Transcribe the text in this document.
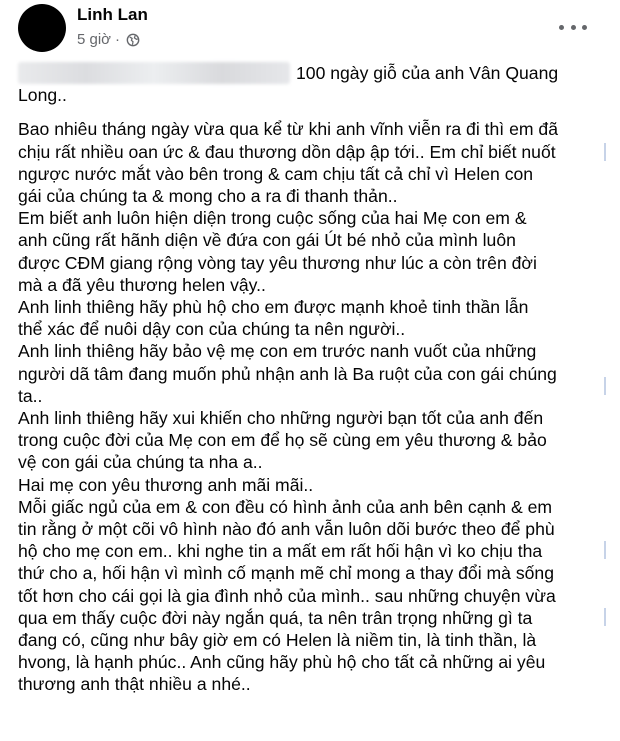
Linh Lan
5 giờ ·
100 ngày giỗ của anh Vân Quang
Long..
Bao nhiêu tháng ngày vừa qua kể từ khi anh vĩnh viễn ra đi thì em đã
chịu rất nhiều oan ức & đau thương dồn dập ập tới.. Em chỉ biết nuốt
ngược nước mắt vào bên trong & cam chịu tất cả chỉ vì Helen con
gái của chúng ta & mong cho a ra đi thanh thản..
Em biết anh luôn hiện diện trong cuộc sống của hai Mẹ con em &
anh cũng rất hãnh diện về đứa con gái Út bé nhỏ của mình luôn
được CĐM giang rộng vòng tay yêu thương như lúc a còn trên đời
mà a đã yêu thương helen vậy..
Anh linh thiêng hãy phù hộ cho em được mạnh khoẻ tinh thần lẫn
thể xác để nuôi dậy con của chúng ta nên người..
Anh linh thiêng hãy bảo vệ mẹ con em trước nanh vuốt của những
người dã tâm đang muốn phủ nhận anh là Ba ruột của con gái chúng
ta..
Anh linh thiêng hãy xui khiến cho những người bạn tốt của anh đến
trong cuộc đời của Mẹ con em để họ sẽ cùng em yêu thương & bảo
vệ con gái của chúng ta nha a..
Hai mẹ con yêu thương anh mãi mãi..
Mỗi giấc ngủ của em & con đều có hình ảnh của anh bên cạnh & em
tin rằng ở một cõi vô hình nào đó anh vẫn luôn dõi bước theo để phù
hộ cho mẹ con em.. khi nghe tin a mất em rất hối hận vì ko chịu tha
thứ cho a, hối hận vì mình cố mạnh mẽ chỉ mong a thay đổi mà sống
tốt hơn cho cái gọi là gia đình nhỏ của mình.. sau những chuyện vừa
qua em thấy cuộc đời này ngắn quá, ta nên trân trọng những gì ta
đang có, cũng như bây giờ em có Helen là niềm tin, là tinh thần, là
hvong, là hạnh phúc.. Anh cũng hãy phù hộ cho tất cả những ai yêu
thương anh thật nhiều a nhé..
